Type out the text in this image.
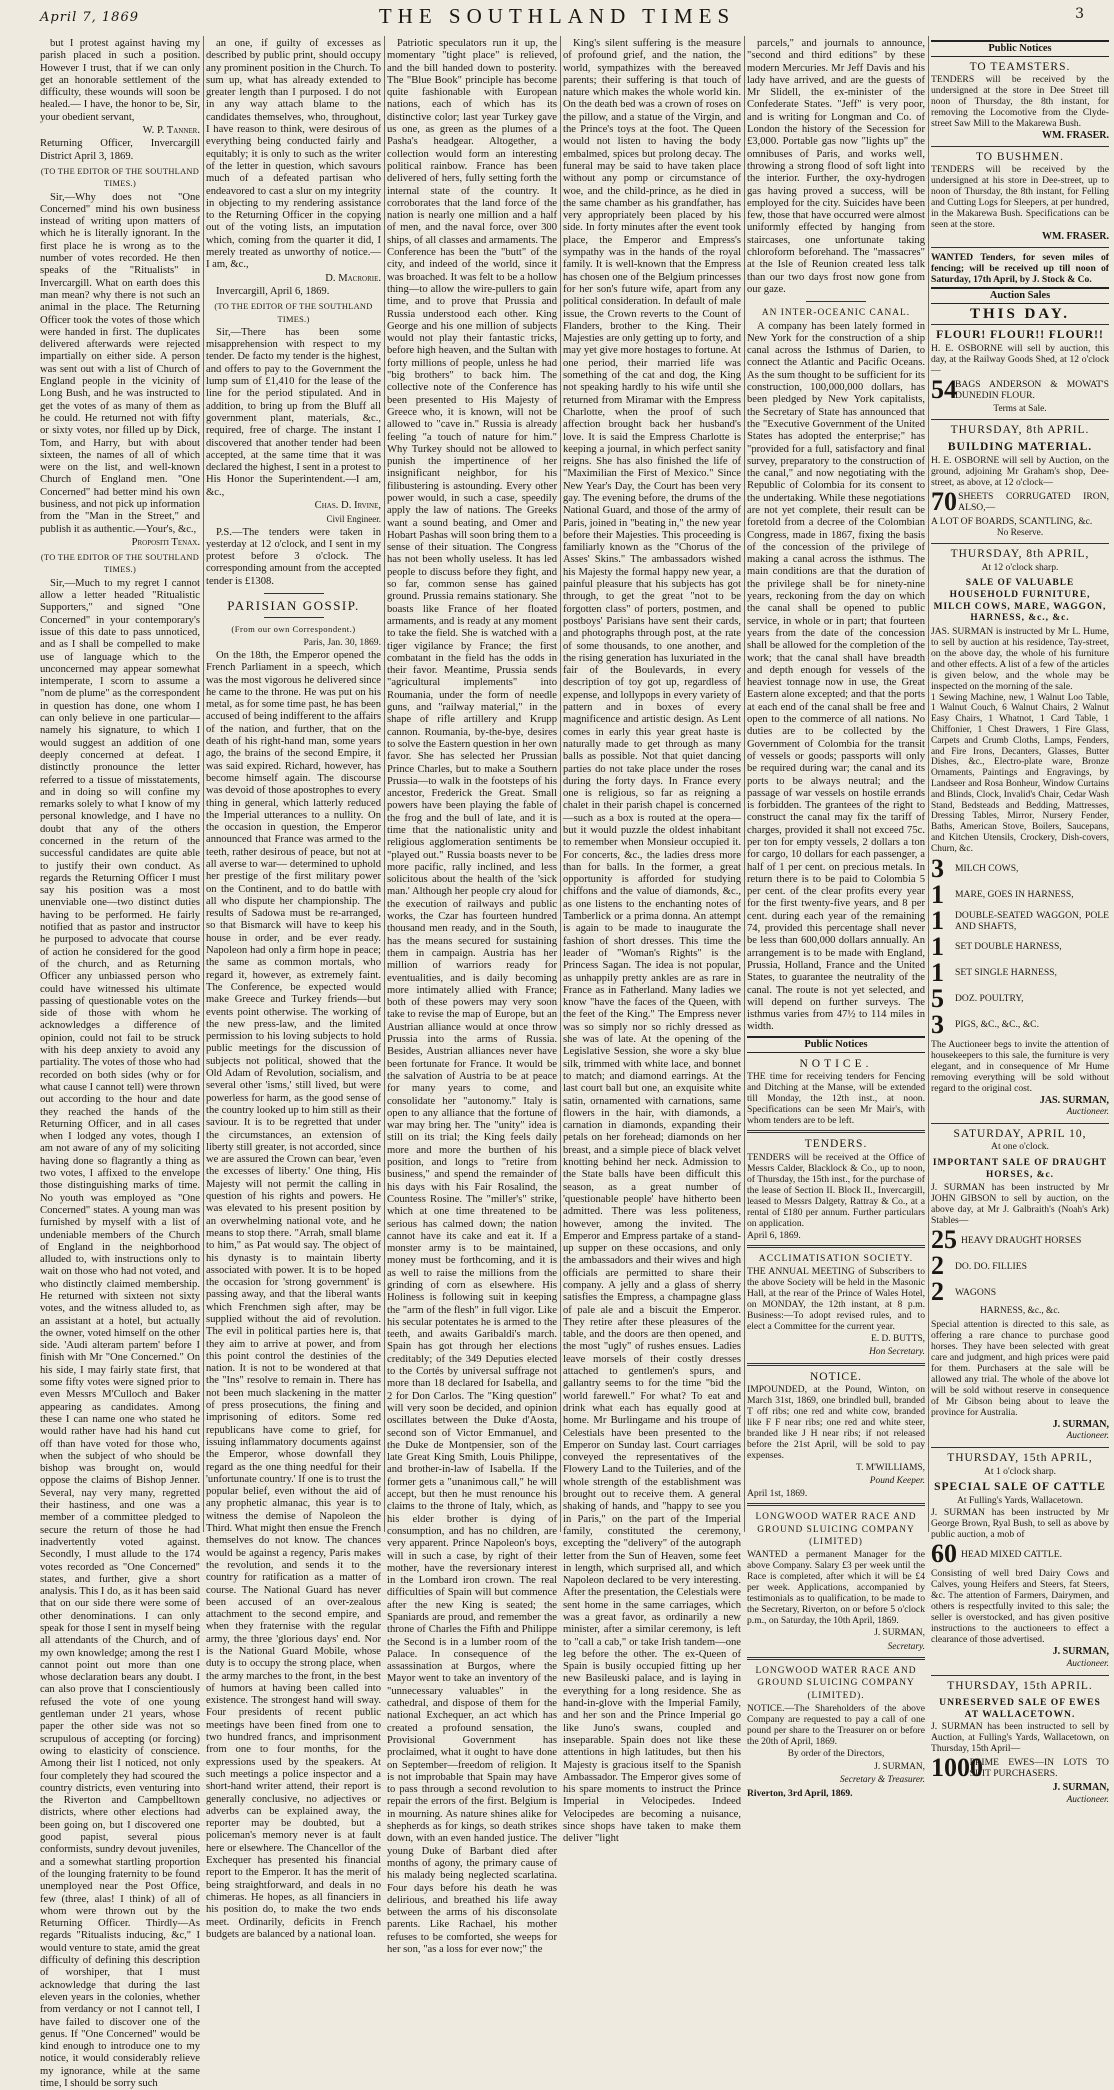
April 7, 1869	THE SOUTHLAND TIMES	3

but I protest against having my parish placed in such a position. However I trust, that if we can only get an honorable settlement of the difficulty, these wounds will soon be healed.— I have, the honor to be, Sir, your obedient servant,

W. P. Tanner.

Returning Officer, Invercargill District April 3, 1869.

(TO THE EDITOR OF THE SOUTHLAND TIMES.)

Sir,—Why does not "One Concerned" mind his own business instead of writing upon matters of which he is literally ignorant. In the first place he is wrong as to the number of votes recorded. He then speaks of the "Ritualists" in Invercargill. What on earth does this man mean? why there is not such an animal in the place. The Returning Officer took the votes of those which were handed in first. The duplicates delivered afterwards were rejected impartially on either side. A person was sent out with a list of Church of England people in the vicinity of Long Bush, and he was instructed to get the votes of as many of them as he could. He returned not with fifty or sixty votes, nor filled up by Dick, Tom, and Harry, but with about sixteen, the names of all of which were on the list, and well-known Church of England men. "One Concerned" had better mind his own business, and not pick up information from the "Man in the Street," and publish it as authentic.—Your's, &c.,

Propositi Tenax.

(TO THE EDITOR OF THE SOUTHLAND TIMES.)

Sir,—Much to my regret I cannot allow a letter headed "Ritualistic Supporters," and signed "One Concerned" in your contemporary's issue of this date to pass unnoticed, and as I shall be compelled to make use of language which to the unconcerned may appear somewhat intemperate, I scorn to assume a "nom de plume" as the correspondent in question has done, one whom I can only believe in one particular—namely his signature, to which I would suggest an addition of one deeply concerned at defeat. I distinctly pronounce the letter referred to a tissue of misstatements, and in doing so will confine my remarks solely to what I know of my personal knowledge, and I have no doubt that any of the others concerned in the return of the successful candidates are quite able to justify their own conduct. As regards the Returning Officer I must say his position was a most unenviable one—two distinct duties having to be performed. He fairly notified that as pastor and instructor he purposed to advocate that course of action he considered for the good of the church, and as Returning Officer any unbiassed person who could have witnessed his ultimate passing of questionable votes on the side of those with whom he acknowledges a difference of opinion, could not fail to be struck with his deep anxiety to avoid any partiality. The votes of those who had recorded on both sides (why or for what cause I cannot tell) were thrown out according to the hour and date they reached the hands of the Returning Officer, and in all cases when I lodged any votes, though I am not aware of any of my soliciting having done so flagrantly a thing as two votes, I affixed to the envelope those distinguishing marks of time. No youth was employed as "One Concerned" states. A young man was furnished by myself with a list of undeniable members of the Church of England in the neighborhood alluded to, with instructions only to wait on those who had not voted, and who distinctly claimed membership. He returned with sixteen not sixty votes, and the witness alluded to, as an assistant at a hotel, but actually the owner, voted himself on the other side. 'Audi alteram partem' before I finish with Mr "One Concerned." On his side, I may fairly state first, that some fifty votes were signed prior to even Messrs M'Culloch and Baker appearing as candidates. Among these I can name one who stated he would rather have had his hand cut off than have voted for those who, when the subject of who should be bishop was brought on, would oppose the claims of Bishop Jenner. Several, nay very many, regretted their hastiness, and one was a member of a committee pledged to secure the return of those he had inadvertently voted against. Secondly, I must allude to the 174 votes recorded as "One Concerned" states, and further, give a short analysis. This I do, as it has been said that on our side there were some of other denominations. I can only speak for those I sent in myself being all attendants of the Church, and of my own knowledge; among the rest I cannot point out more than one whose declaration bears any doubt. I can also prove that I conscientiously refused the vote of one young gentleman under 21 years, whose paper the other side was not so scrupulous of accepting (or forcing) owing to elasticity of conscience. Among their list I noticed, not only four completely they had scoured the country districts, even venturing into the Riverton and Campbelltown districts, where other elections had been going on, but I discovered one good papist, several pious conformists, sundry devout juveniles, and a somewhat startling proportion of the lounging fraternity to be found unemployed near the Post Office, few (three, alas! I think) of all of whom were thrown out by the Returning Officer. Thirdly—As regards "Ritualists inducing, &c," I would venture to state, amid the great difficulty of defining this description of worshiper, that I must acknowledge that during the last eleven years in the colonies, whether from verdancy or not I cannot tell, I have failed to discover one of the genus. If "One Concerned" would be kind enough to introduce one to my notice, it would considerably relieve my ignorance, while at the same time, I should be sorry such

an one, if guilty of excesses as described by public print, should occupy any prominent position in the Church. To sum up, what has already extended to greater length than I purposed. I do not in any way attach blame to the candidates themselves, who, throughout, I have reason to think, were desirous of everything being conducted fairly and equitably; it is only to such as the writer of the letter in question, which savours much of a defeated partisan who endeavored to cast a slur on my integrity in objecting to my rendering assistance to the Returning Officer in the copying out of the voting lists, an imputation which, coming from the quarter it did, I merely treated as unworthy of notice.— I am, &c.,

D. Macrorie.

Invercargill, April 6, 1869.

(TO THE EDITOR OF THE SOUTHLAND TIMES.)

Sir,—There has been some misapprehension with respect to my tender. De facto my tender is the highest, and offers to pay to the Government the lump sum of £1,410 for the lease of the line for the period stipulated. And in addition, to bring up from the Bluff all government plant, materials, &c., required, free of charge. The instant I discovered that another tender had been accepted, at the same time that it was declared the highest, I sent in a protest to His Honor the Superintendent.—I am, &c.,

Chas. D. Irvine,

Civil Engineer.

P.S.—The tenders were taken in yesterday at 12 o'clock, and I sent in my protest before 3 o'clock. The corresponding amount from the accepted tender is £1308.

PARISIAN GOSSIP.

(From our own Correspondent.)

Paris, Jan. 30, 1869.

On the 18th, the Emperor opened the French Parliament in a speech, which was the most vigorous he delivered since he came to the throne. He was put on his metal, as for some time past, he has been accused of being indifferent to the affairs of the nation, and further, that on the death of his right-hand man, some years ago, the brains of the second Empire, it was said expired. Richard, however, has become himself again. The discourse was devoid of those apostrophes to every thing in general, which latterly reduced the Imperial utterances to a nullity. On the occasion in question, the Emperor announced that France was armed to the teeth, rather desirous of peace, but not at all averse to war— determined to uphold her prestige of the first military power on the Continent, and to do battle with all who dispute her championship. The results of Sadowa must be re-arranged, so that Bismarck will have to keep his house in order, and be ever ready. Napoleon had only a firm hope in peace; the same as common mortals, who regard it, however, as extremely faint. The Conference, be expected would make Greece and Turkey friends—but events point otherwise. The working of the new press-law, and the limited permission to his loving subjects to hold public meetings for the discussion of subjects not political, showed that the Old Adam of Revolution, socialism, and several other 'isms,' still lived, but were powerless for harm, as the good sense of the country looked up to him still as their saviour. It is to be regretted that under the circumstances, an extension of liberty still greater, is not accorded, since we are assured the Crown can bear, 'even the excesses of liberty.' One thing, His Majesty will not permit the calling in question of his rights and powers. He was elevated to his present position by an overwhelming national vote, and he means to stop there. "Arrah, small blame to him," as Pat would say. The object of his dynasty is to maintain liberty associated with power. It is to be hoped the occasion for 'strong government' is passing away, and that the liberal wants which Frenchmen sigh after, may be supplied without the aid of revolution. The evil in political parties here is, that they aim to arrive at power, and from this point control the destinies of the nation. It is not to be wondered at that the "Ins" resolve to remain in. There has not been much slackening in the matter of press prosecutions, the fining and imprisoning of editors. Some red republicans have come to grief, for issuing inflammatory documents against the Emperor, whose downfall they regard as the one thing needful for their 'unfortunate country.' If one is to trust the popular belief, even without the aid of any prophetic almanac, this year is to witness the demise of Napoleon the Third. What might then ensue the French themselves do not know. The chances would be against a regency, Paris makes the revolution, and sends it to the country for ratification as a matter of course. The National Guard has never been accused of an over-zealous attachment to the second empire, and when they fraternise with the regular army, the three 'glorious days' end. Nor is the National Guard Mobile, whose duty is to occupy the strong place, when the army marches to the front, in the best of humors at having been called into existence. The strongest hand will sway. Four presidents of recent public meetings have been fined from one to two hundred francs, and imprisonment from one to four months, for the expressions used by the speakers. At such meetings a police inspector and a short-hand writer attend, their report is generally conclusive, no adjectives or adverbs can be explained away, the reporter may be doubted, but a policeman's memory never is at fault here or elsewhere. The Chancellor of the Exchequer has presented his financial report to the Emperor. It has the merit of being straightforward, and deals in no chimeras. He hopes, as all financiers in his position do, to make the two ends meet. Ordinarily, deficits in French budgets are balanced by a national loan.

Patriotic speculators run it up, the momentary "tight place" is relieved, and the bill handed down to posterity. The "Blue Book" principle has become quite fashionable with European nations, each of which has its distinctive color; last year Turkey gave us one, as green as the plumes of a Pasha's headgear. Altogether, a collection would form an interesting political rainbow. France has been delivered of hers, fully setting forth the internal state of the country. It corroborates that the land force of the nation is nearly one million and a half of men, and the naval force, over 300 ships, of all classes and armaments. The Conference has been the "butt" of the city, and indeed of the world, since it was broached. It was felt to be a hollow thing—to allow the wire-pullers to gain time, and to prove that Prussia and Russia understood each other. King George and his one million of subjects would not play their fantastic tricks, before high heaven, and the Sultan with forty millions of people, unless he had "big brothers" to back him. The collective note of the Conference has been presented to His Majesty of Greece who, it is known, will not be allowed to "cave in." Russia is already feeling "a touch of nature for him." Why Turkey should not be allowed to punish the impertinence of her insignificant neighbor, for his filibustering is astounding. Every other power would, in such a case, speedily apply the law of nations. The Greeks want a sound beating, and Omer and Hobart Pashas will soon bring them to a sense of their situation. The Congress has not been wholly useless. It has led people to discuss before they fight, and so far, common sense has gained ground. Prussia remains stationary. She boasts like France of her floated armaments, and is ready at any moment to take the field. She is watched with a tiger vigilance by France; the first combatant in the field has the odds in their favor. Meantime, Prussia sends "agricultural implements" into Roumania, under the form of needle guns, and "railway material," in the shape of rifle artillery and Krupp cannon. Roumania, by-the-bye, desires to solve the Eastern question in her own favor. She has selected her Prussian Prince Charles, but to make a Southern Prussia—to walk in the footsteps of his ancestor, Frederick the Great. Small powers have been playing the fable of the frog and the bull of late, and it is time that the nationalistic unity and religious agglomeration sentiments be "played out." Russia boasts never to be more pacific, rally inclined, and less solicitous about the health of the 'sick man.' Although her people cry aloud for the execution of railways and public works, the Czar has fourteen hundred thousand men ready, and in the South, has the means secured for sustaining them in campaign. Austria has her million of warriors ready for eventualities, and is daily becoming more intimately allied with France; both of these powers may very soon take to revise the map of Europe, but an Austrian alliance would at once throw Prussia into the arms of Russia. Besides, Austrian alliances never have been fortunate for France. It would be the salvation of Austria to be at peace for many years to come, and consolidate her "autonomy." Italy is open to any alliance that the fortune of war may bring her. The "unity" idea is still on its trial; the King feels daily more and more the burthen of his position, and longs to "retire from business," and spend the remainder of his days with his Fair Rosalind, the Countess Rosine. The "miller's" strike, which at one time threatened to be serious has calmed down; the nation cannot have its cake and eat it. If a monster army is to be maintained, money must be forthcoming, and it is as well to raise the millions from the grinding of corn as elsewhere. His Holiness is following suit in keeping the "arm of the flesh" in full vigor. Like his secular potentates he is armed to the teeth, and awaits Garibaldi's march. Spain has got through her elections creditably; of the 349 Deputies elected to the Cortés by universal suffrage not more than 18 declared for Isabella, and 2 for Don Carlos. The "King question" will very soon be decided, and opinion oscillates between the Duke d'Aosta, second son of Victor Emmanuel, and the Duke de Montpensier, son of the late Great King Smith, Louis Philippe, and brother-in-law of Isabella. If the former gets a "unanimous call," he will accept, but then he must renounce his claims to the throne of Italy, which, as his elder brother is dying of consumption, and has no children, are very apparent. Prince Napoleon's boys, will in such a case, by right of their mother, have the reversionary interest in the Lombard iron crown. The real difficulties of Spain will but commence after the new King is seated; the Spaniards are proud, and remember the throne of Charles the Fifth and Philippe the Second is in a lumber room of the Palace. In consequence of the assassination at Burgos, where the Mayor went to take an inventory of the "unnecessary valuables" in the cathedral, and dispose of them for the national Exchequer, an act which has created a profound sensation, the Provisional Government has proclaimed, what it ought to have done on September—freedom of religion. It is not improbable that Spain may have to pass through a second revolution to repair the errors of the first. Belgium is in mourning. As nature shines alike for shepherds as for kings, so death strikes down, with an even handed justice. The young Duke of Barbant died after months of agony, the primary cause of his malady being neglected scarlatina. Four days before his death he was delirious, and breathed his life away between the arms of his disconsolate parents. Like Rachael, his mother refuses to be comforted, she weeps for her son, "as a loss for ever now;" the

King's silent suffering is the measure of profound grief, and the nation, the world, sympathizes with the bereaved parents; their suffering is that touch of nature which makes the whole world kin. On the death bed was a crown of roses on the pillow, and a statue of the Virgin, and the Prince's toys at the foot. The Queen would not listen to having the body embalmed, spices but prolong decay. The funeral may be said to have taken place without any pomp or circumstance of woe, and the child-prince, as he died in the same chamber as his grandfather, has very appropriately been placed by his side. In forty minutes after the event took place, the Emperor and Empress's sympathy was in the hands of the royal family. It is well-known that the Empress has chosen one of the Belgium princesses for her son's future wife, apart from any political consideration. In default of male issue, the Crown reverts to the Count of Flanders, brother to the King. Their Majesties are only getting up to forty, and may yet give more hostages to fortune. At one period, their married life was something of the cat and dog, the King not speaking hardly to his wife until she returned from Miramar with the Empress Charlotte, when the proof of such affection brought back her husband's love. It is said the Empress Charlotte is keeping a journal, in which perfect sanity reigns. She has also finished the life of "Maximilian the First of Mexico." Since New Year's Day, the Court has been very gay. The evening before, the drums of the National Guard, and those of the army of Paris, joined in "beating in," the new year before their Majesties. This proceeding is familiarly known as the "Chorus of the Asses' Skins." The ambassadors wished his Majesty the formal happy new year, a painful pleasure that his subjects has got through, to get the great "not to be forgotten class" of porters, postmen, and postboys' Parisians have sent their cards, and photographs through post, at the rate of some thousands, to one another, and the rising generation has luxuriated in the fair of the Boulevards, in every description of toy got up, regardless of expense, and lollypops in every variety of pattern and in boxes of every magnificence and artistic design. As Lent comes in early this year great haste is naturally made to get through as many balls as possible. Not that quiet dancing parties do not take place under the roses during the forty days. In France every one is religious, so far as reigning a chalet in their parish chapel is concerned—such as a box is routed at the opera—but it would puzzle the oldest inhabitant to remember when Monsieur occupied it. For concerts, &c., the ladies dress more than for balls. In the former, a great opportunity is afforded for studying chiffons and the value of diamonds, &c., as one listens to the enchanting notes of Tamberlick or a prima donna. An attempt is again to be made to inaugurate the fashion of short dresses. This time the leader of "Woman's Rights" is the Princess Sagan. The idea is not popular, as unhappily pretty ankles are as rare in France as in Fatherland. Many ladies we know "have the faces of the Queen, with the feet of the King." The Empress never was so simply nor so richly dressed as she was of late. At the opening of the Legislative Session, she wore a sky blue silk, trimmed with white lace, and bonnet to match; and diamond earrings. At the last court ball but one, an exquisite white satin, ornamented with carnations, same flowers in the hair, with diamonds, a carnation in diamonds, expanding their petals on her forehead; diamonds on her breast, and a simple piece of black velvet knotting behind her neck. Admission to the State balls have been difficult this season, as a great number of 'questionable people' have hitherto been admitted. There was less politeness, however, among the invited. The Emperor and Empress partake of a stand-up supper on these occasions, and only the ambassadors and their wives and high officials are permitted to share their company. A jelly and a glass of sherry satisfies the Empress, a champagne glass of pale ale and a biscuit the Emperor. They retire after these pleasures of the table, and the doors are then opened, and the most "ugly" of rushes ensues. Ladies leave morsels of their costly dresses attached to gentlemen's spurs, and gallantry seems to for the time "bid the world farewell." For what? To eat and drink what each has equally good at home. Mr Burlingame and his troupe of Celestials have been presented to the Emperor on Sunday last. Court carriages conveyed the representatives of the Flowery Land to the Tuileries, and of the whole strength of the establishment was brought out to receive them. A general shaking of hands, and "happy to see you in Paris," on the part of the Imperial family, constituted the ceremony, excepting the "delivery" of the autograph letter from the Sun of Heaven, some feet in length, which surprised all, and which Napoleon declared to be very interesting. After the presentation, the Celestials were sent home in the same carriages, which was a great favor, as ordinarily a new minister, after a similar ceremony, is left to "call a cab," or take Irish tandem—one leg before the other. The ex-Queen of Spain is busily occupied fitting up her new Basileuski palace, and is laying in everything for a long residence. She as hand-in-glove with the Imperial Family, and her son and the Prince Imperial go like Juno's swans, coupled and inseparable. Spain does not like these attentions in high latitudes, but then his Majesty is gracious itself to the Spanish Ambassador. The Emperor gives some of his spare moments to instruct the Prince Imperial in Velocipedes. Indeed Velocipedes are becoming a nuisance, since shops have taken to make them deliver "light

parcels," and journals to announce, "second and third editions" by these modern Mercuries. Mr Jeff Davis and his lady have arrived, and are the guests of Mr Slidell, the ex-minister of the Confederate States. "Jeff" is very poor, and is writing for Longman and Co. of London the history of the Secession for £3,000. Portable gas now "lights up" the omnibuses of Paris, and works well, throwing a strong flood of soft light into the interior. Further, the oxy-hydrogen gas having proved a success, will be employed for the city. Suicides have been few, those that have occurred were almost uniformly effected by hanging from staircases, one unfortunate taking chloroform beforehand. The "massacres" at the Isle of Reunion created less talk than our two days frost now gone from our gaze.

AN INTER-OCEANIC CANAL.

A company has been lately formed in New York for the construction of a ship canal across the Isthmus of Darien, to connect the Atlantic and Pacific Oceans. As the sum thought to be sufficient for its construction, 100,000,000 dollars, has been pledged by New York capitalists, the Secretary of State has announced that the "Executive Government of the United States has adopted the enterprise;" has "provided for a full, satisfactory and final survey, preparatory to the construction of the canal," and now negotiating with the Republic of Colombia for its consent to the undertaking. While these negotiations are not yet complete, their result can be foretold from a decree of the Colombian Congress, made in 1867, fixing the basis of the concession of the privilege of making a canal across the isthmus. The main conditions are that the duration of the privilege shall be for ninety-nine years, reckoning from the day on which the canal shall be opened to public service, in whole or in part; that fourteen years from the date of the concession shall be allowed for the completion of the work; that the canal shall have breadth and depth enough for vessels of the heaviest tonnage now in use, the Great Eastern alone excepted; and that the ports at each end of the canal shall be free and open to the commerce of all nations. No duties are to be collected by the Government of Colombia for the transit of vessels or goods; passports will only be required during war; the canal and its ports to be always neutral; and the passage of war vessels on hostile errands is forbidden. The grantees of the right to construct the canal may fix the tariff of charges, provided it shall not exceed 75c. per ton for empty vessels, 2 dollars a ton for cargo, 10 dollars for each passenger, a half of 1 per cent. on precious metals. In return there is to be paid to Colombia 5 per cent. of the clear profits every year for the first twenty-five years, and 8 per cent. during each year of the remaining 74, provided this percentage shall never be less than 600,000 dollars annually. An arrangement is to be made with England, Prussia, Holland, France and the United States, to guarantee the neutrality of the canal. The route is not yet selected, and will depend on further surveys. The isthmus varies from 47½ to 114 miles in width.

Public Notices

NOTICE.

THE time for receiving tenders for Fencing and Ditching at the Manse, will be extended till Monday, the 12th inst., at noon. Specifications can be seen Mr Mair's, with whom tenders are to be left.

TENDERS.

TENDERS will be received at the Office of Messrs Calder, Blacklock & Co., up to noon, of Thursday, the 15th inst., for the purchase of the lease of Section II. Block II., Invercargill, leased to Messrs Dalgety, Rattray & Co., at a rental of £180 per annum. Further particulars on application.

April 6, 1869.

ACCLIMATISATION SOCIETY.

THE ANNUAL MEETING of Subscribers to the above Society will be held in the Masonic Hall, at the rear of the Prince of Wales Hotel, on MONDAY, the 12th instant, at 8 p.m. Business:—To adopt revised rules, and to elect a Committee for the current year.

E. D. BUTTS,

Hon Secretary.

NOTICE.

IMPOUNDED, at the Pound, Winton, on March 31st, 1869, one brindled bull, branded T off ribs; one red and white cow, branded like F F near ribs; one red and white steer, branded like J H near ribs; if not released before the 21st April, will be sold to pay expenses.

T. M'WILLIAMS,

Pound Keeper.

April 1st, 1869.

LONGWOOD WATER RACE AND GROUND SLUICING COMPANY (LIMITED)

WANTED a permanent Manager for the above Company. Salary £3 per week until the Race is completed, after which it will be £4 per week. Applications, accompanied by testimonials as to qualification, to be made to the Secretary, Riverton, on or before 5 o'clock p.m., on Saturday, the 10th April, 1869.

J. SURMAN,

Secretary.

LONGWOOD WATER RACE AND GROUND SLUICING COMPANY (LIMITED).

NOTICE.—The Shareholders of the above Company are requested to pay a call of one pound per share to the Treasurer on or before the 20th of April, 1869.

By order of the Directors,

J. SURMAN,

Secretary & Treasurer.

Riverton, 3rd April, 1869.

Public Notices

TO TEAMSTERS.

TENDERS will be received by the undersigned at the store in Dee Street till noon of Thursday, the 8th instant, for removing the Locomotive from the Clyde-street Saw Mill to the Makarewa Bush.

WM. FRASER.

TO BUSHMEN.

TENDERS will be received by the undersigned at his store in Dee-street, up to noon of Thursday, the 8th instant, for Felling and Cutting Logs for Sleepers, at per hundred, in the Makarewa Bush. Specifications can be seen at the store.

WM. FRASER.

WANTED Tenders, for seven miles of fencing; will be received up till noon of Saturday, 17th April, by J. Stock & Co.

Auction Sales

THIS DAY.

FLOUR! FLOUR!! FLOUR!!

H. E. OSBORNE will sell by auction, this day, at the Railway Goods Shed, at 12 o'clock—

54
BAGS ANDERSON & MOWAT'S DUNEDIN FLOUR.

Terms at Sale.

THURSDAY, 8th APRIL.

BUILDING MATERIAL.

H. E. OSBORNE will sell by Auction, on the ground, adjoining Mr Graham's shop, Dee-street, as above, at 12 o'clock—

70 SHEETS CORRUGATED IRON, ALSO,—

A LOT OF BOARDS, SCANTLING, &c.

No Reserve.

THURSDAY, 8th APRIL,

At 12 o'clock sharp.

SALE OF VALUABLE HOUSEHOLD FURNITURE, MILCH COWS, MARE, WAGGON, HARNESS, &c., &c.

JAS. SURMAN is instructed by Mr L. Hume, to sell by auction at his residence, Tay-street, on the above day, the whole of his furniture and other effects. A list of a few of the articles is given below, and the whole may be inspected on the morning of the sale.

1 Sewing Machine, new, 1 Walnut Loo Table, 1 Walnut Couch, 6 Walnut Chairs, 2 Walnut Easy Chairs, 1 Whatnot, 1 Card Table, 1 Chiffonier, 1 Chest Drawers, 1 Fire Glass, Carpets and Crumb Cloths, Lamps, Fenders, and Fire Irons, Decanters, Glasses, Butter Dishes, &c., Electro-plate ware, Bronze Ornaments, Paintings and Engravings, by Landseer and Rosa Bonheur, Window Curtains and Blinds, Clock, Invalid's Chair, Cedar Wash Stand, Bedsteads and Bedding, Mattresses, Dressing Tables, Mirror, Nursery Fender, Baths, American Stove, Boilers, Saucepans, and Kitchen Utensils, Crockery, Dish-covers, Churn, &c.

3	MILCH COWS,
1	MARE, GOES IN HARNESS,
1	DOUBLE-SEATED WAGGON, POLE AND SHAFTS,
1	SET DOUBLE HARNESS,
1	SET SINGLE HARNESS,
5	DOZ. POULTRY,
3	PIGS, &C., &C., &C.

The Auctioneer begs to invite the attention of housekeepers to this sale, the furniture is very elegant, and in consequence of Mr Hume removing everything will be sold without regard to the original cost.

JAS. SURMAN,

Auctioneer.

SATURDAY, APRIL 10,

At one o'clock.

IMPORTANT SALE OF DRAUGHT HORSES, &c.

J. SURMAN has been instructed by Mr JOHN GIBSON to sell by auction, on the above day, at Mr J. Galbraith's (Noah's Ark) Stables—

25 HEAVY DRAUGHT HORSES
2	DO. DO. FILLIES
2	WAGONS

HARNESS, &c., &c.

Special attention is directed to this sale, as offering a rare chance to purchase good horses. They have been selected with great care and judgment, and high prices were paid for them. Purchasers at the sale will be allowed any trial. The whole of the above lot will be sold without reserve in consequence of Mr Gibson being about to leave the province for Australia.

J. SURMAN,

Auctioneer.

THURSDAY, 15th APRIL,

At 1 o'clock sharp.

SPECIAL SALE OF CATTLE

At Fulling's Yards, Wallacetown.

J. SURMAN has been instructed by Mr George Brown, Ryal Bush, to sell as above by public auction, a mob of

60 HEAD MIXED CATTLE.

Consisting of well bred Dairy Cows and Calves, young Heifers and Steers, fat Steers, &c. The attention of Farmers, Dairymen, and others is respectfully invited to this sale; the seller is overstocked, and has given positive instructions to the auctioneers to effect a clearance of those advertised.

J. SURMAN,

Auctioneer.

THURSDAY, 15th APRIL.

UNRESERVED SALE OF EWES AT WALLACETOWN.

J. SURMAN has been instructed to sell by Auction, at Fulling's Yards, Wallacetown, on Thursday, 15th April—

1000
PRIME EWES—IN LOTS TO SUIT PURCHASERS.

J. SURMAN,

Auctioneer.
